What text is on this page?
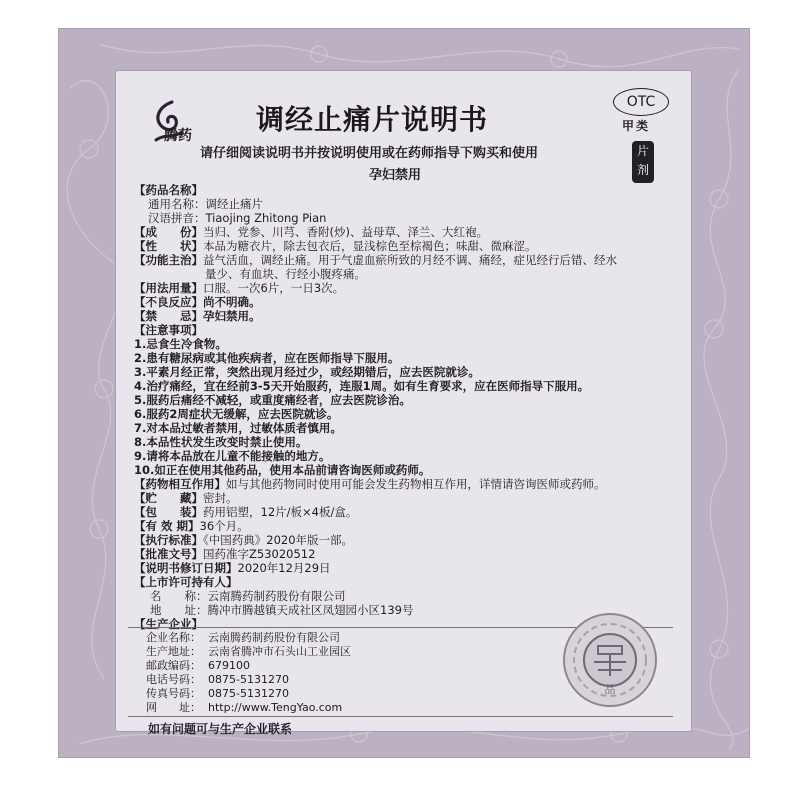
腾药 调经止痛片说明书
OTC
甲类
片剂
请仔细阅读说明书并按说明使用或在药师指导下购买和使用
孕妇禁用
【药品名称】
通用名称：调经止痛片
汉语拼音：Tiaojing Zhitong Pian
【成　　份】当归、党参、川芎、香附(炒)、益母草、泽兰、大红袍。
【性　　状】本品为糖衣片，除去包衣后，显浅棕色至棕褐色；味甜、微麻涩。
【功能主治】益气活血，调经止痛。用于气虚血瘀所致的月经不调、痛经，症见经行后错、经水
量少、有血块、行经小腹疼痛。
【用法用量】口服。一次6片，一日3次。
【不良反应】尚不明确。
【禁　　忌】孕妇禁用。
【注意事项】
1.忌食生冷食物。
2.患有糖尿病或其他疾病者，应在医师指导下服用。
3.平素月经正常，突然出现月经过少，或经期错后，应去医院就诊。
4.治疗痛经，宜在经前3-5天开始服药，连服1周。如有生育要求，应在医师指导下服用。
5.服药后痛经不减轻，或重度痛经者，应去医院诊治。
6.服药2周症状无缓解，应去医院就诊。
7.对本品过敏者禁用，过敏体质者慎用。
8.本品性状发生改变时禁止使用。
9.请将本品放在儿童不能接触的地方。
10.如正在使用其他药品，使用本品前请咨询医师或药师。
【药物相互作用】如与其他药物同时使用可能会发生药物相互作用，详情请咨询医师或药师。
【贮　　藏】密封。
【包　　装】药用铝塑，12片/板×4板/盒。
【有 效 期】36个月。
【执行标准】《中国药典》2020年版一部。
【批准文号】国药准字Z53020512
【说明书修订日期】2020年12月29日
【上市许可持有人】
名　　称：云南腾药制药股份有限公司
地　　址：腾冲市腾越镇天成社区凤翅园小区139号
【生产企业】
企业名称： 云南腾药制药股份有限公司
生产地址： 云南省腾冲市石头山工业园区
邮政编码： 679100
电话号码： 0875-5131270
传真号码： 0875-5131270
网　　址： http://www.TengYao.com
如有问题可与生产企业联系
品
